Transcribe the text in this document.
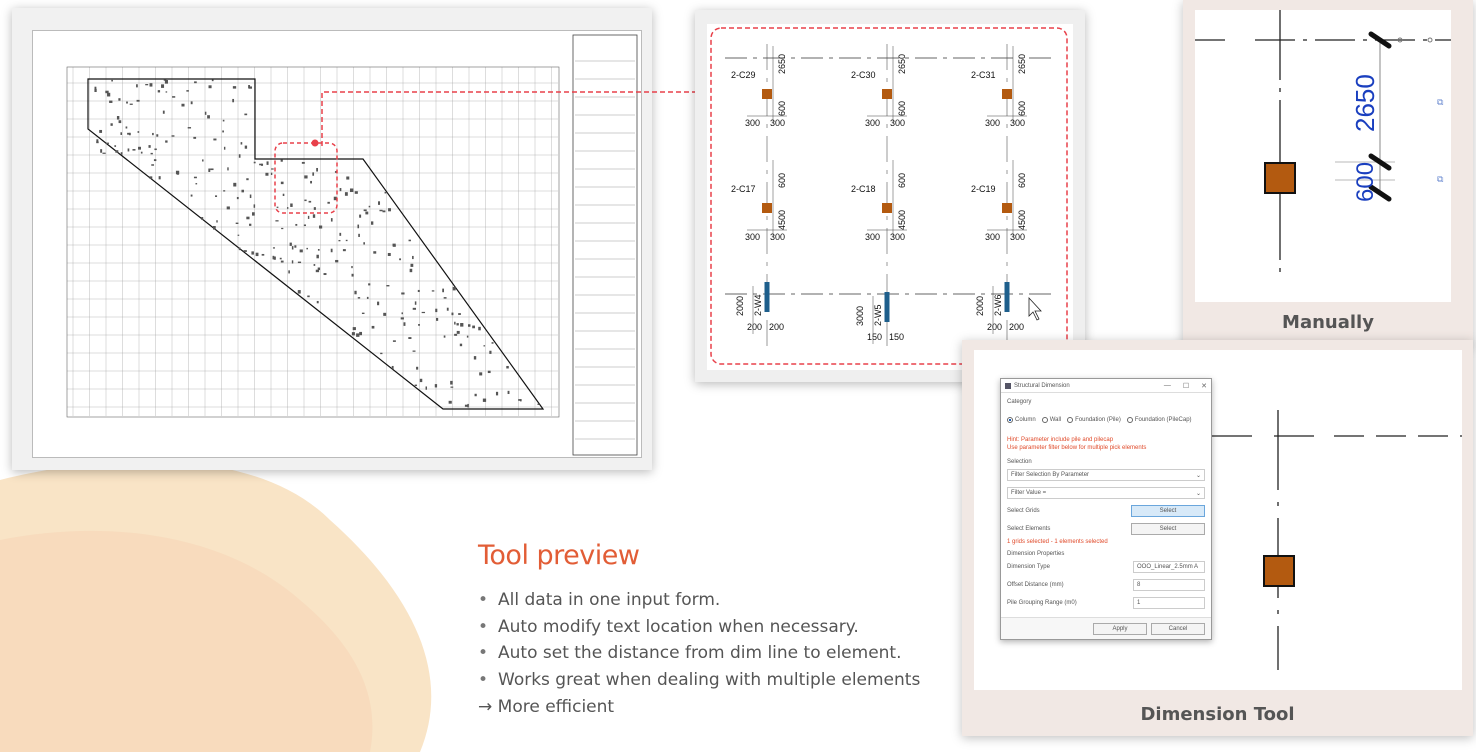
2-C29
2650
600
300 300
2-C30
2650
600
300 300
2-C31
2650
600
300 300
2-C17
600
4500
300 300
2-C18
600
4500
300 300
2-C19
600
4500
300 300
2-W4
2000
200 200
2-W5
3000
150 150
2-W6
2000
200 200
⧉
⧉
2650
600
Manually
Structural Dimension	— ☐ ✕
Category
Column Wall Foundation (Pile) Foundation (PileCap)
Hint: Parameter include pile and pilecap
Use parameter filter below for multiple pick elements
Selection
Filter Selection By Parameter	⌄
Filter Value =	⌄
Select Grids	Select
Select Elements	Select
1 grids selected - 1 elements selected
Dimension Properties
Dimension Type	OOO_Linear_2.5mm A
Offset Distance (mm)	8
Pile Grouping Range (m0)	1
Apply	Cancel
Dimension Tool
Tool preview
• All data in one input form.
• Auto modify text location when necessary.
• Auto set the distance from dim line to element.
• Works great when dealing with multiple elements
→ More efficient
